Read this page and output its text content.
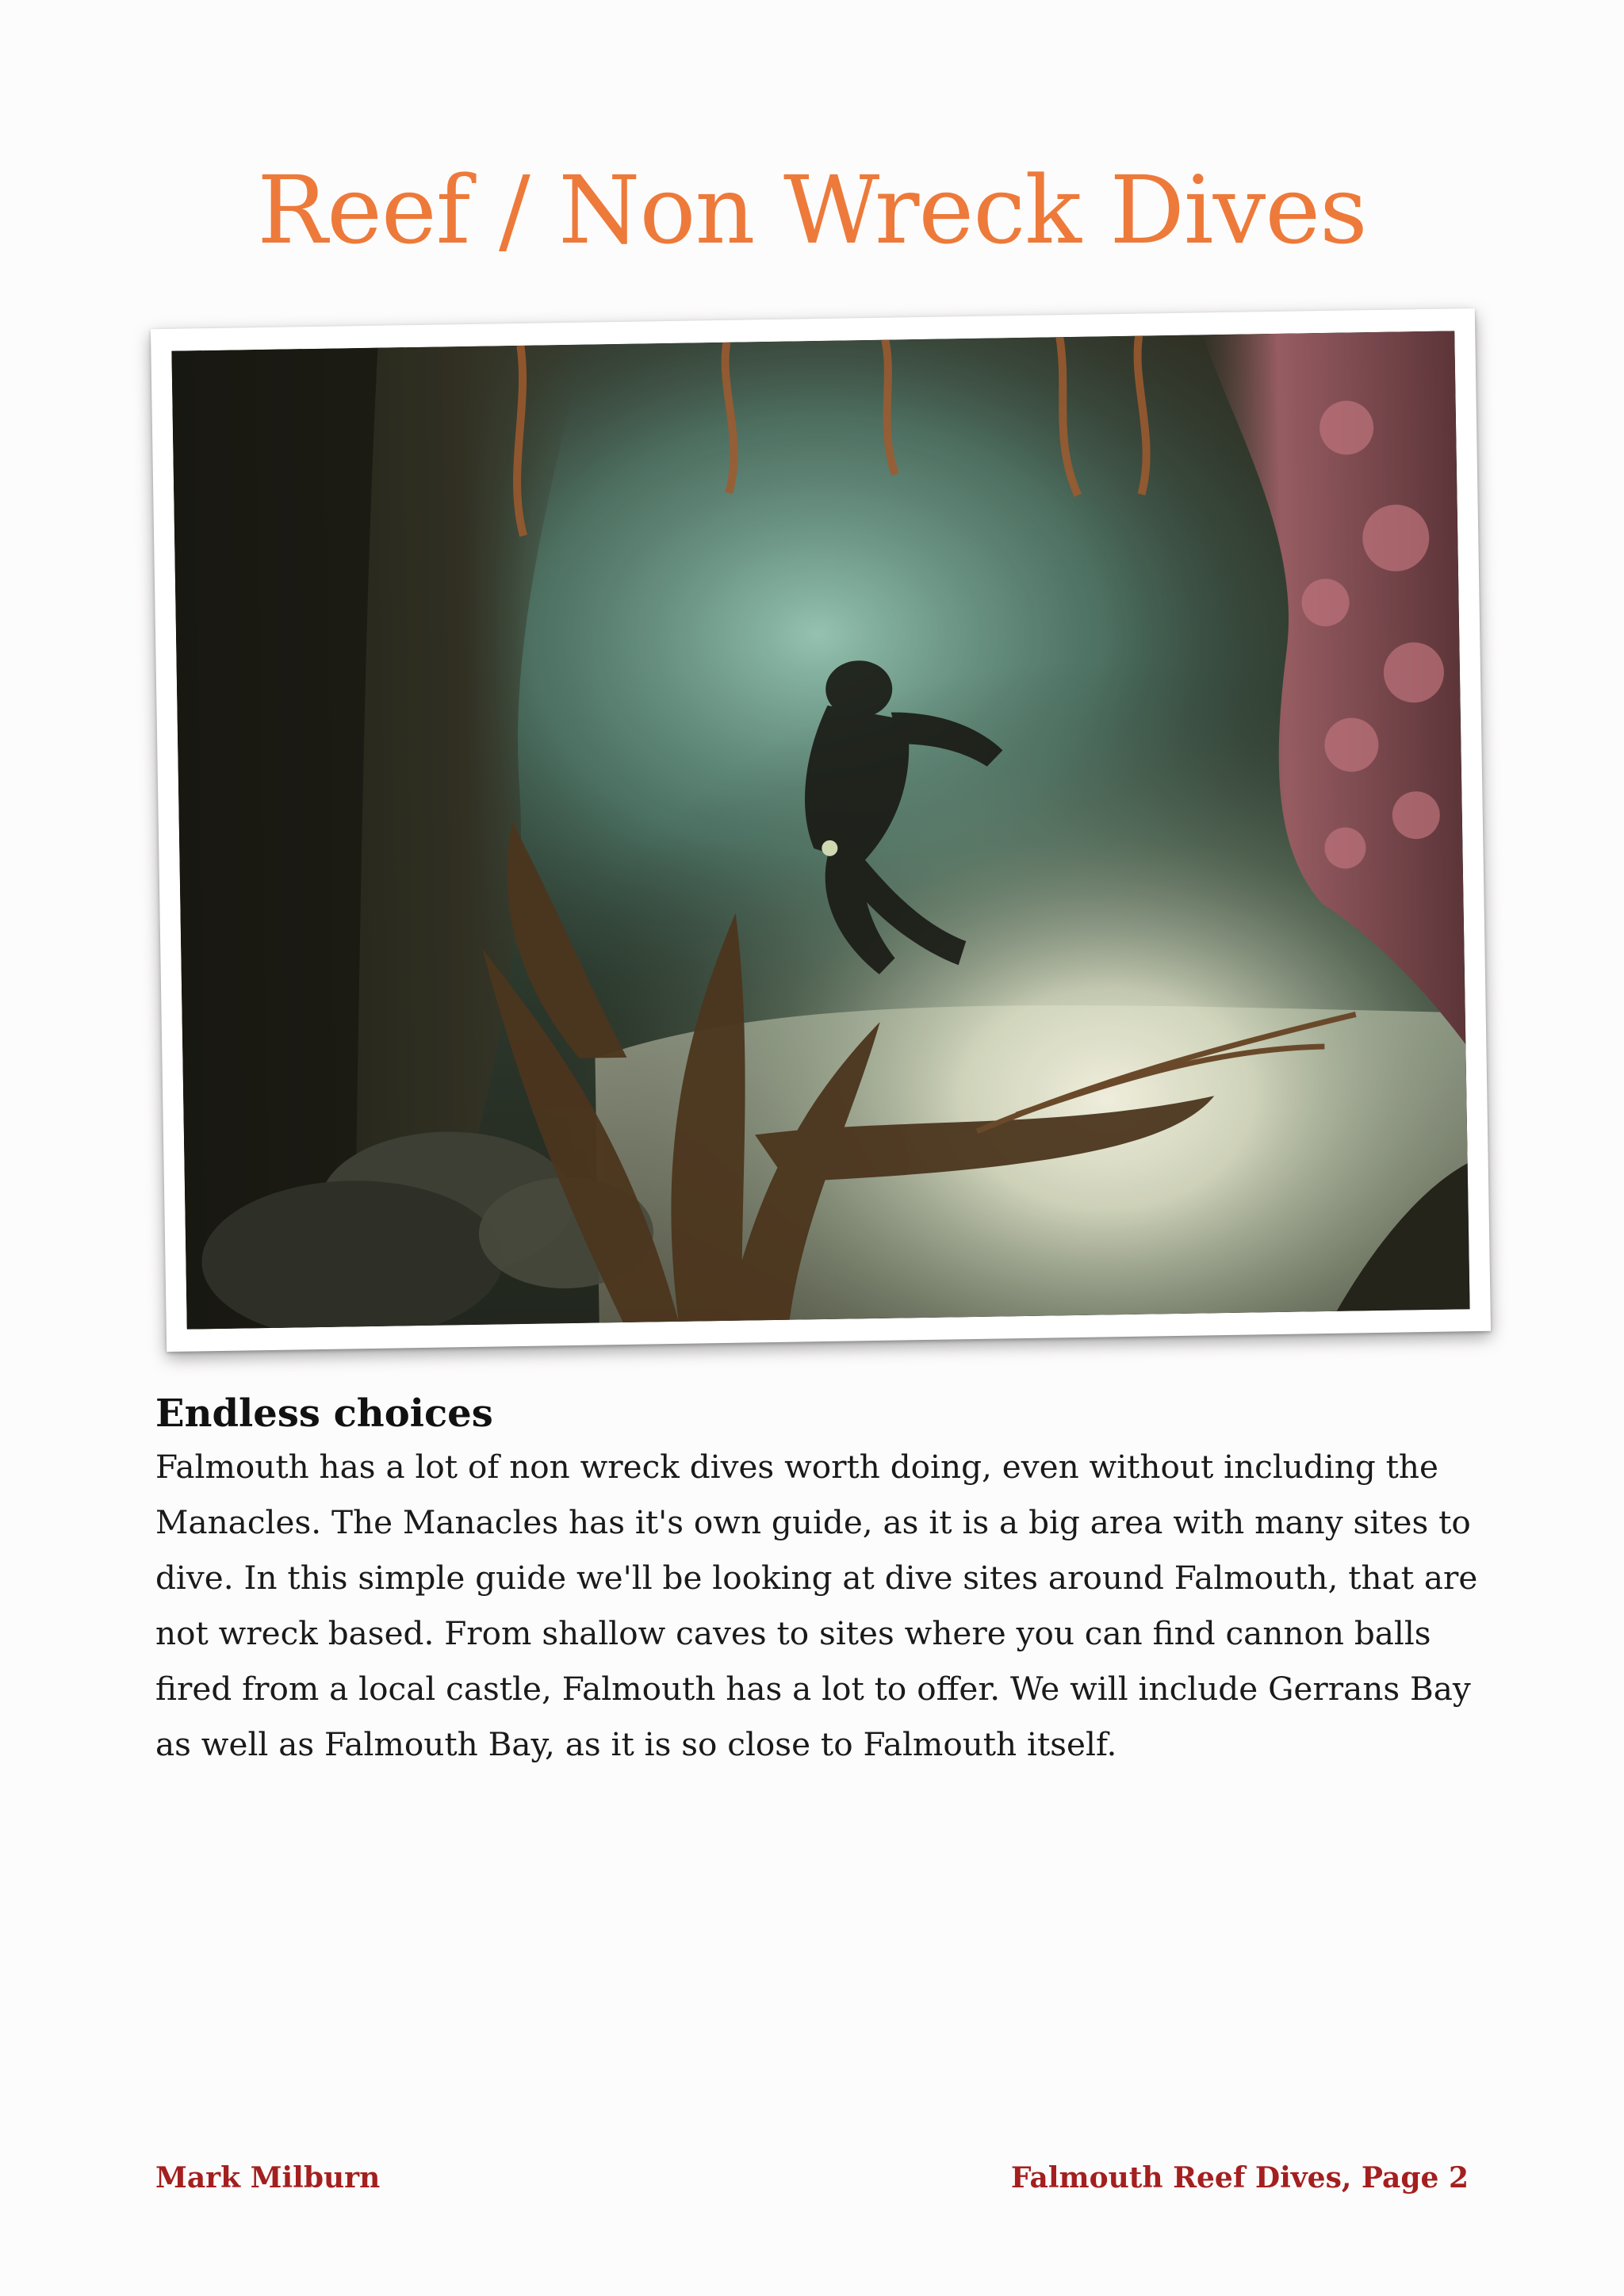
Reef / Non Wreck Dives
Endless choices

Falmouth has a lot of non wreck dives worth doing, even without including the Manacles. The Manacles has it's own guide, as it is a big area with many sites to dive. In this simple guide we'll be looking at dive sites around Falmouth, that are not wreck based. From shallow caves to sites where you can find cannon balls fired from a local castle, Falmouth has a lot to offer. We will include Gerrans Bay as well as Falmouth Bay, as it is so close to Falmouth itself.

Mark Milburn	Falmouth Reef Dives, Page 2
